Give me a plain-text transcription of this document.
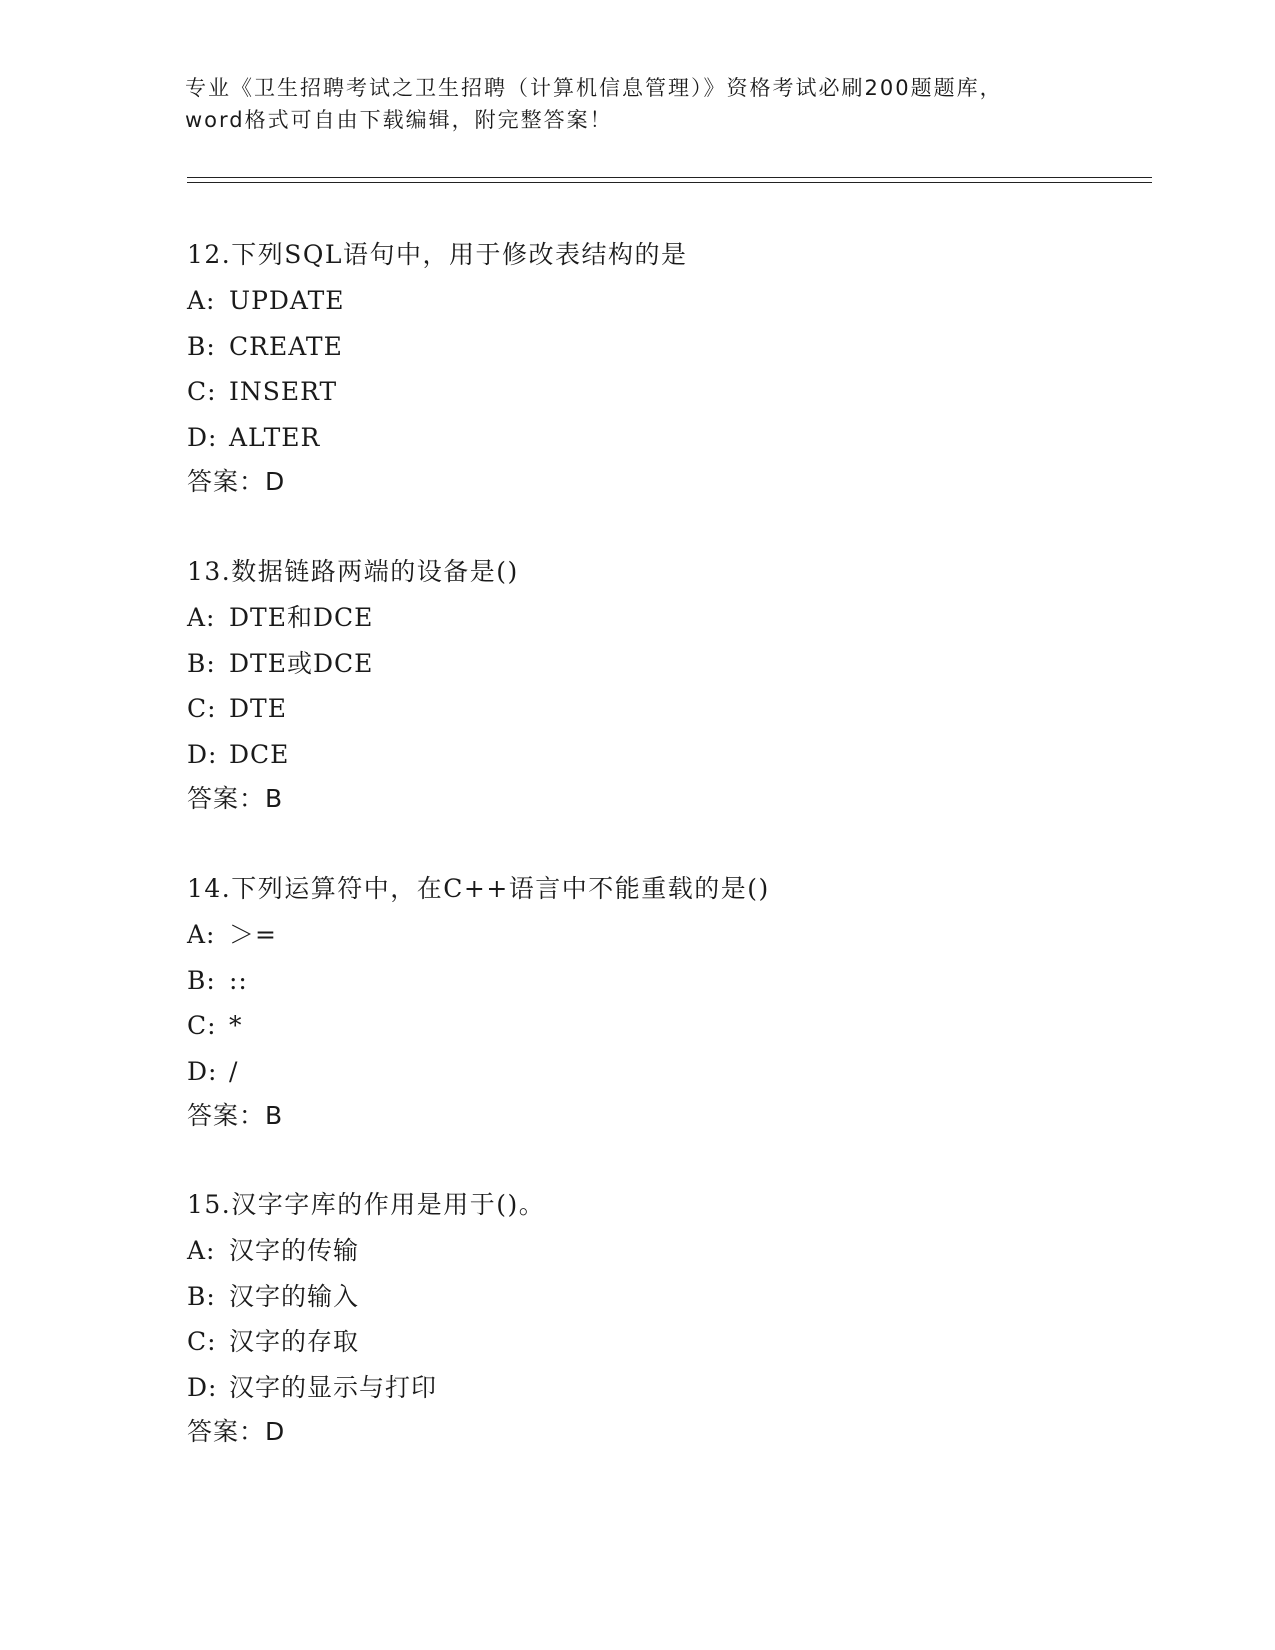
专业《卫生招聘考试之卫生招聘（计算机信息管理）》资格考试必刷200题题库，
word格式可自由下载编辑，附完整答案！
12.下列SQL语句中，用于修改表结构的是
A: UPDATE
B: CREATE
C: INSERT
D: ALTER
答案：D
13.数据链路两端的设备是()
A: DTE和DCE
B: DTE或DCE
C: DTE
D: DCE
答案：B
14.下列运算符中，在C++语言中不能重载的是()
A: ＞=
B: ::
C: *
D: /
答案：B
15.汉字字库的作用是用于()。
A: 汉字的传输
B: 汉字的输入
C: 汉字的存取
D: 汉字的显示与打印
答案：D
